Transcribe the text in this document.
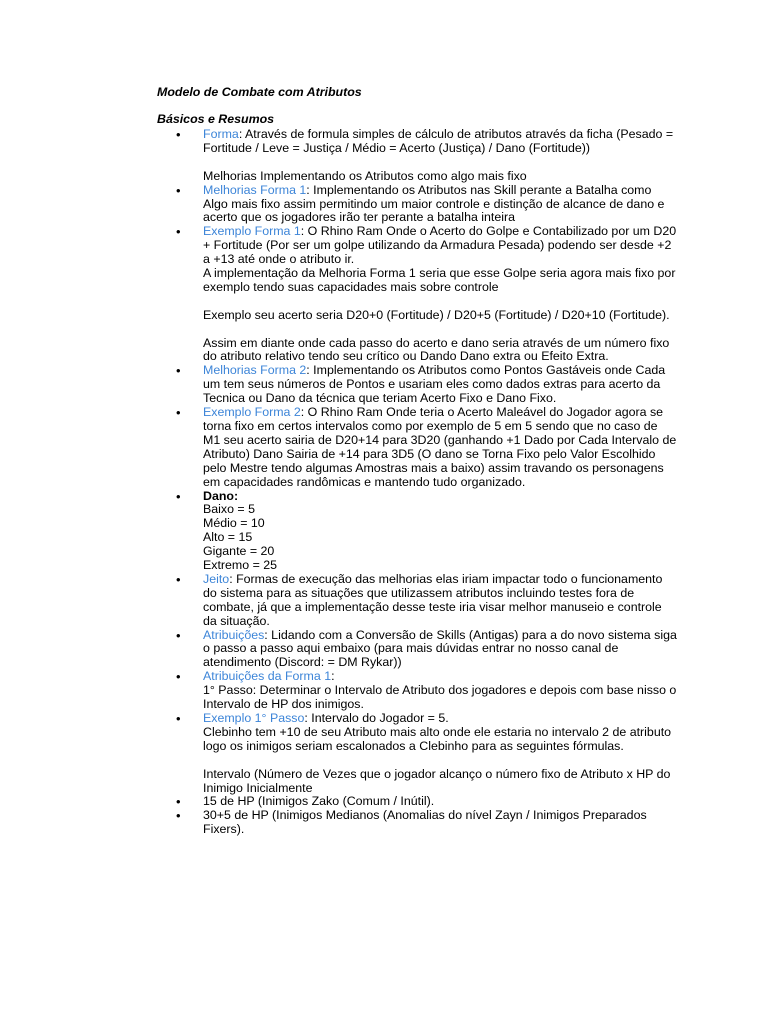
Modelo de Combate com Atributos
Básicos e Resumos
• Forma: Através de formula simples de cálculo de atributos através da ficha (Pesado = Fortitude / Leve = Justiça / Médio = Acerto (Justiça) / Dano (Fortitude))
Melhorias Implementando os Atributos como algo mais fixo
• Melhorias Forma 1: Implementando os Atributos nas Skill perante a Batalha como Algo mais fixo assim permitindo um maior controle e distinção de alcance de dano e acerto que os jogadores irão ter perante a batalha inteira
• Exemplo Forma 1: O Rhino Ram Onde o Acerto do Golpe e Contabilizado por um D20 + Fortitude (Por ser um golpe utilizando da Armadura Pesada) podendo ser desde +2 a +13 até onde o atributo ir.
A implementação da Melhoria Forma 1 seria que esse Golpe seria agora mais fixo por exemplo tendo suas capacidades mais sobre controle
Exemplo seu acerto seria D20+0 (Fortitude) / D20+5 (Fortitude) / D20+10 (Fortitude).
Assim em diante onde cada passo do acerto e dano seria através de um número fixo do atributo relativo tendo seu crítico ou Dando Dano extra ou Efeito Extra.
• Melhorias Forma 2: Implementando os Atributos como Pontos Gastáveis onde Cada um tem seus números de Pontos e usariam eles como dados extras para acerto da Tecnica ou Dano da técnica que teriam Acerto Fixo e Dano Fixo.
• Exemplo Forma 2: O Rhino Ram Onde teria o Acerto Maleável do Jogador agora se torna fixo em certos intervalos como por exemplo de 5 em 5 sendo que no caso de M1 seu acerto sairia de D20+14 para 3D20 (ganhando +1 Dado por Cada Intervalo de Atributo) Dano Sairia de +14 para 3D5 (O dano se Torna Fixo pelo Valor Escolhido pelo Mestre tendo algumas Amostras mais a baixo) assim travando os personagens em capacidades randômicas e mantendo tudo organizado.
• Dano:
Baixo = 5
Médio = 10
Alto = 15
Gigante = 20
Extremo = 25
• Jeito: Formas de execução das melhorias elas iriam impactar todo o funcionamento do sistema para as situações que utilizassem atributos incluindo testes fora de combate, já que a implementação desse teste iria visar melhor manuseio e controle da situação.
• Atribuições: Lidando com a Conversão de Skills (Antigas) para a do novo sistema siga o passo a passo aqui embaixo (para mais dúvidas entrar no nosso canal de atendimento (Discord: = DM Rykar))
• Atribuições da Forma 1:
1° Passo: Determinar o Intervalo de Atributo dos jogadores e depois com base nisso o Intervalo de HP dos inimigos.
• Exemplo 1° Passo: Intervalo do Jogador = 5.
Clebinho tem +10 de seu Atributo mais alto onde ele estaria no intervalo 2 de atributo logo os inimigos seriam escalonados a Clebinho para as seguintes fórmulas.
Intervalo (Número de Vezes que o jogador alcanço o número fixo de Atributo x HP do Inimigo Inicialmente
• 15 de HP (Inimigos Zako (Comum / Inútil).
• 30+5 de HP (Inimigos Medianos (Anomalias do nível Zayn / Inimigos Preparados Fixers).
